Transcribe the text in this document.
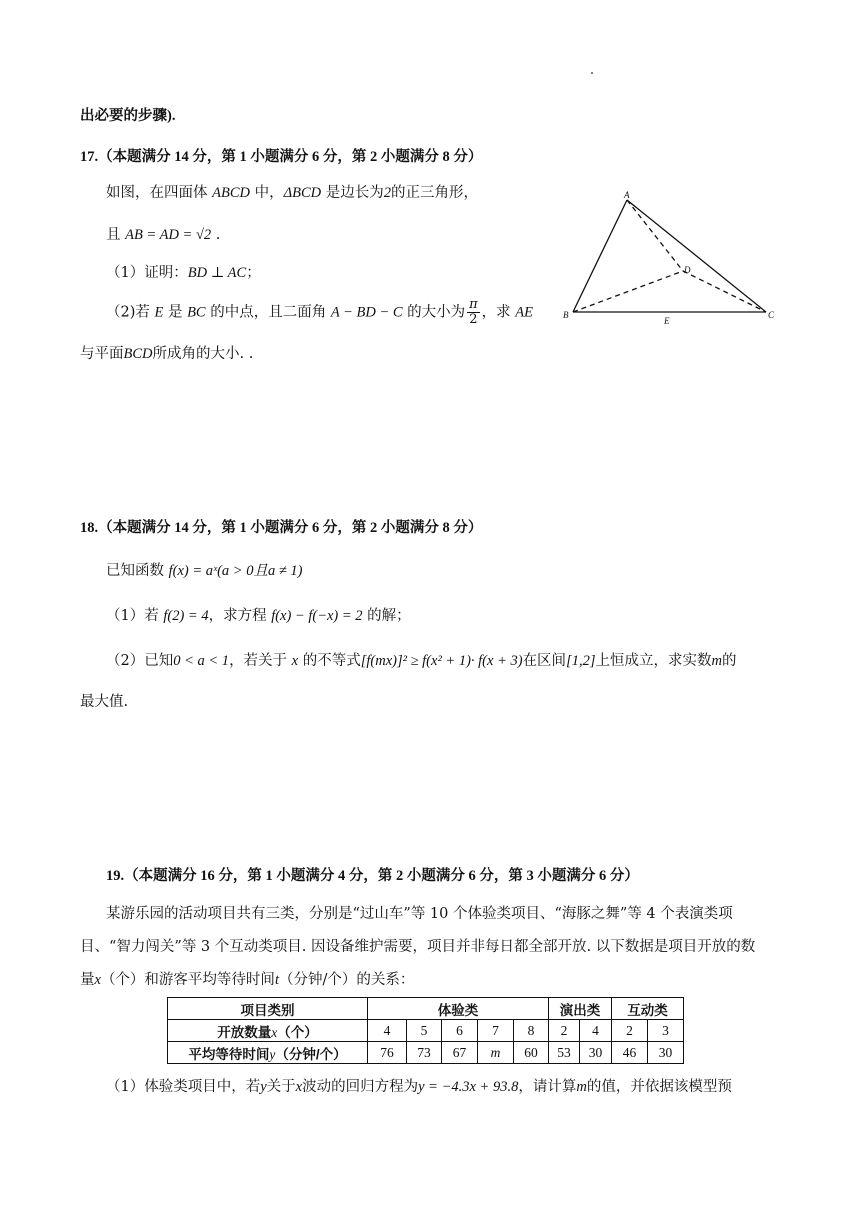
出必要的步骤).
17.（本题满分 14 分，第 1 小题满分 6 分，第 2 小题满分 8 分）
如图，在四面体 ABCD 中，ΔBCD 是边长为2的正三角形，
且 AB = AD = √2 .
（1）证明：BD ⊥ AC；
（2)若 E 是 BC 的中点，且二面角 A − BD − C 的大小为 $\frac{\pi}{2}$ ，求 AE
与平面BCD所成角的大小. .
A
B	C
D
E
18.（本题满分 14 分，第 1 小题满分 6 分，第 2 小题满分 8 分）
已知函数 f(x) = aˣ(a > 0且a ≠ 1)
（1）若 f(2) = 4，求方程 f(x) − f(−x) = 2 的解；
（2）已知0 < a < 1，若关于 x 的不等式[f(mx)]² ≥ f(x² + 1)· f(x + 3)在区间[1,2]上恒成立，求实数m的
最大值.
19.（本题满分 16 分，第 1 小题满分 4 分，第 2 小题满分 6 分，第 3 小题满分 6 分）
某游乐园的活动项目共有三类，分别是“过山车”等 10 个体验类项目、“海豚之舞”等 4 个表演类项
目、“智力闯关”等 3 个互动类项目. 因设备维护需要，项目并非每日都全部开放. 以下数据是项目开放的数
量x（个）和游客平均等待时间t（分钟/个）的关系：
项目类别	体验类					演出类		互动类	
开放数量x（个）	4	5	6	7	8	2	4	2	3
平均等待时间y（分钟/个）	76	73	67	m	60	53	30	46	30
（1）体验类项目中，若y关于x波动的回归方程为y = −4.3x + 93.8，请计算m的值，并依据该模型预
